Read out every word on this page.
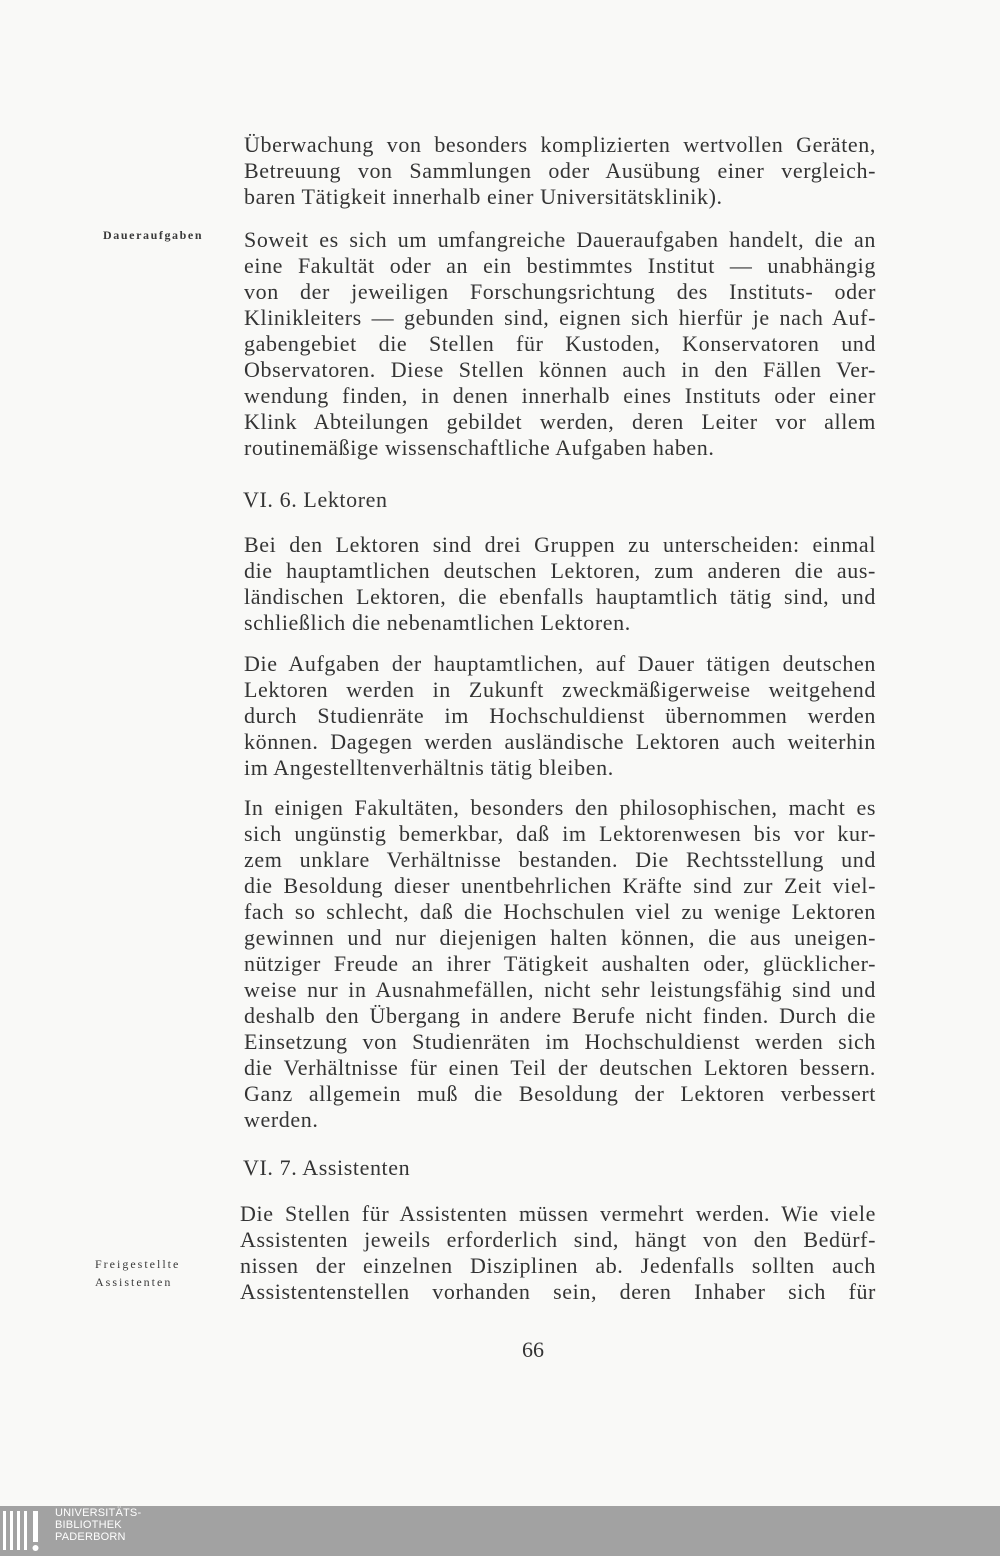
Überwachung von besonders komplizierten wertvollen Geräten,
Betreuung von Sammlungen oder Ausübung einer vergleich-
baren Tätigkeit innerhalb einer Universitätsklinik).
Daueraufgaben Soweit es sich um umfangreiche Daueraufgaben handelt, die an
eine Fakultät oder an ein bestimmtes Institut — unabhängig
von der jeweiligen Forschungsrichtung des Instituts- oder
Klinikleiters — gebunden sind, eignen sich hierfür je nach Auf-
gabengebiet die Stellen für Kustoden, Konservatoren und
Observatoren. Diese Stellen können auch in den Fällen Ver-
wendung finden, in denen innerhalb eines Instituts oder einer
Klink Abteilungen gebildet werden, deren Leiter vor allem
routinemäßige wissenschaftliche Aufgaben haben.
VI. 6. Lektoren
Bei den Lektoren sind drei Gruppen zu unterscheiden: einmal
die hauptamtlichen deutschen Lektoren, zum anderen die aus-
ländischen Lektoren, die ebenfalls hauptamtlich tätig sind, und
schließlich die nebenamtlichen Lektoren.
Die Aufgaben der hauptamtlichen, auf Dauer tätigen deutschen
Lektoren werden in Zukunft zweckmäßigerweise weitgehend
durch Studienräte im Hochschuldienst übernommen werden
können. Dagegen werden ausländische Lektoren auch weiterhin
im Angestelltenverhältnis tätig bleiben.
In einigen Fakultäten, besonders den philosophischen, macht es
sich ungünstig bemerkbar, daß im Lektorenwesen bis vor kur-
zem unklare Verhältnisse bestanden. Die Rechtsstellung und
die Besoldung dieser unentbehrlichen Kräfte sind zur Zeit viel-
fach so schlecht, daß die Hochschulen viel zu wenige Lektoren
gewinnen und nur diejenigen halten können, die aus uneigen-
nütziger Freude an ihrer Tätigkeit aushalten oder, glücklicher-
weise nur in Ausnahmefällen, nicht sehr leistungsfähig sind und
deshalb den Übergang in andere Berufe nicht finden. Durch die
Einsetzung von Studienräten im Hochschuldienst werden sich
die Verhältnisse für einen Teil der deutschen Lektoren bessern.
Ganz allgemein muß die Besoldung der Lektoren verbessert
werden.
VI. 7. Assistenten
Freigestellte
Assistenten
Die Stellen für Assistenten müssen vermehrt werden. Wie viele
Assistenten jeweils erforderlich sind, hängt von den Bedürf-
nissen der einzelnen Disziplinen ab. Jedenfalls sollten auch
Assistentenstellen vorhanden sein, deren Inhaber sich für
66
UNIVERSITÄTS-
BIBLIOTHEK
PADERBORN
